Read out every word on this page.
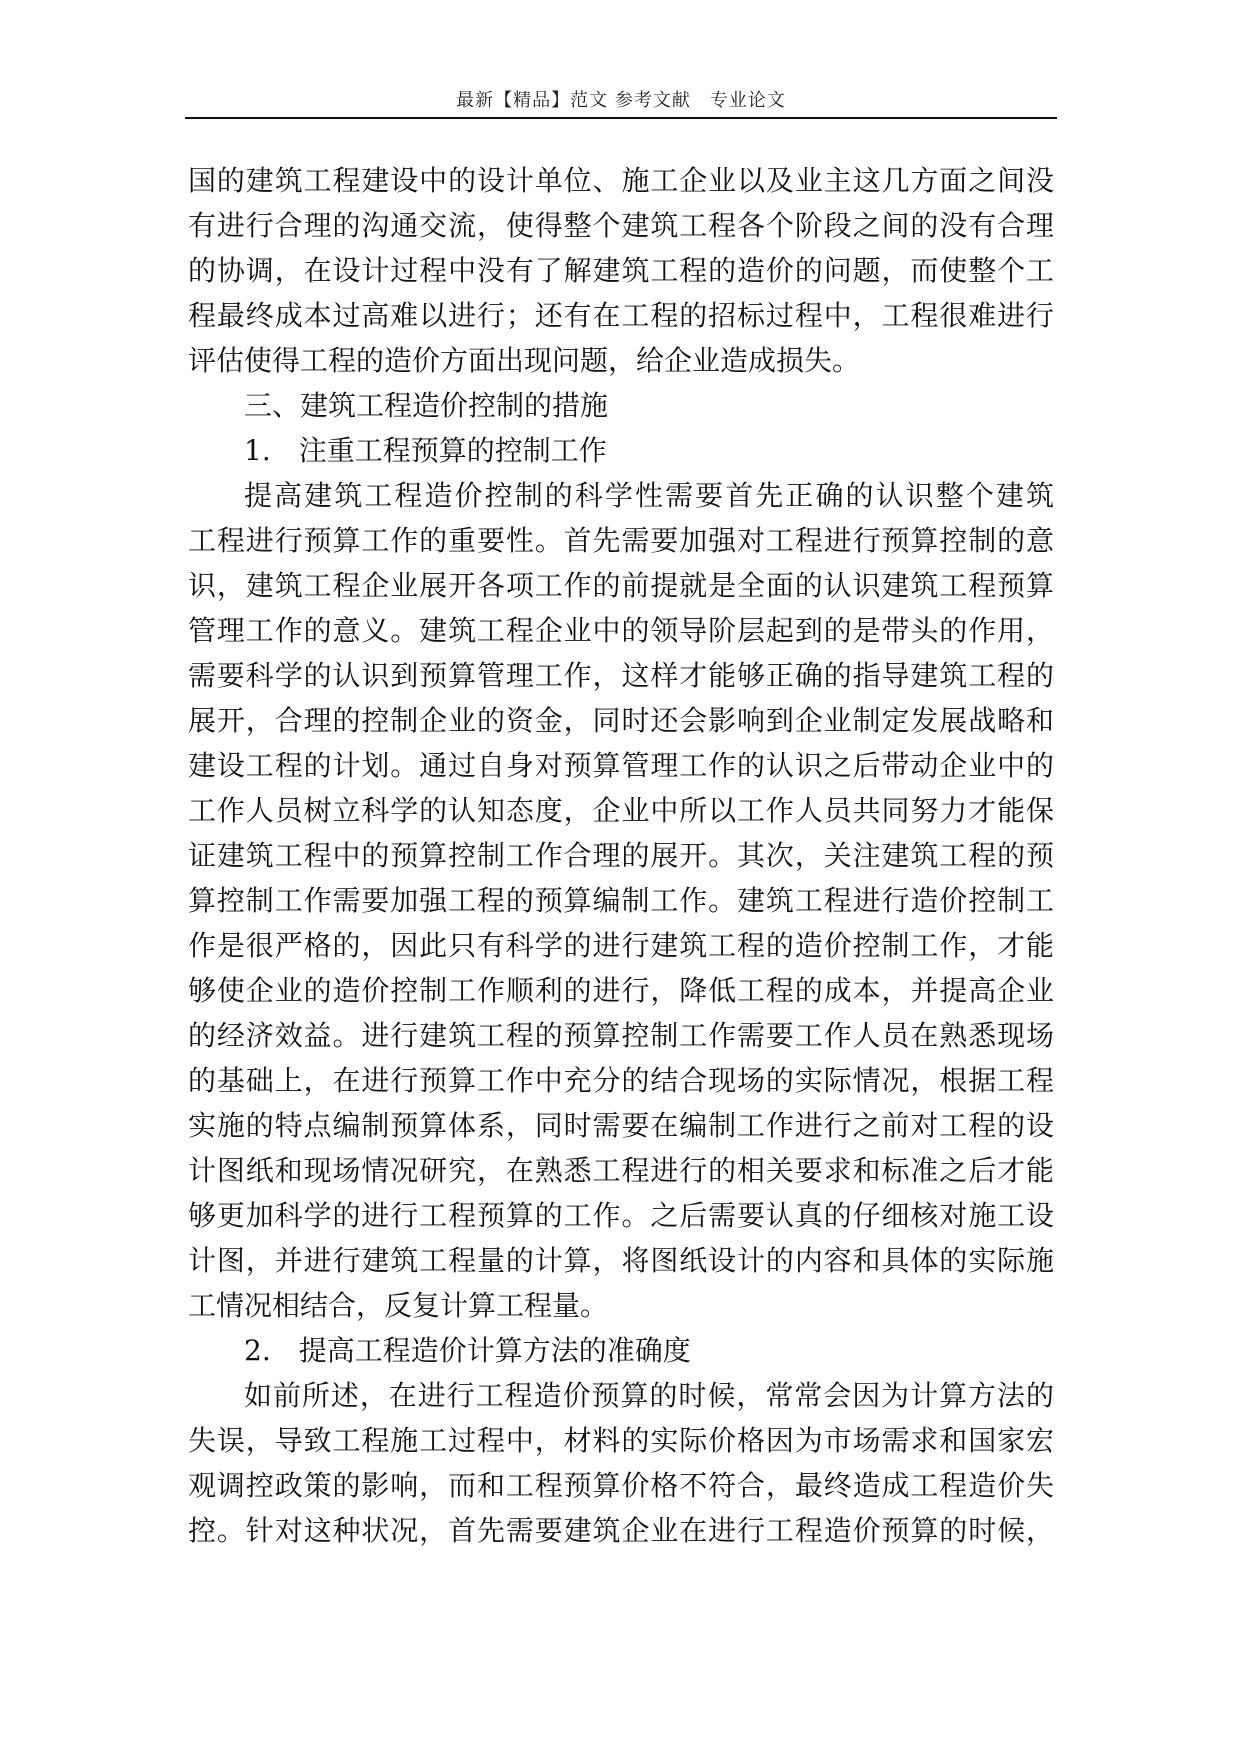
最新【精品】范文 参考文献　专业论文
国的建筑工程建设中的设计单位、施工企业以及业主这几方面之间没
有进行合理的沟通交流，使得整个建筑工程各个阶段之间的没有合理
的协调，在设计过程中没有了解建筑工程的造价的问题，而使整个工
程最终成本过高难以进行；还有在工程的招标过程中，工程很难进行
评估使得工程的造价方面出现问题，给企业造成损失。
三、建筑工程造价控制的措施
1.　注重工程预算的控制工作
提高建筑工程造价控制的科学性需要首先正确的认识整个建筑
工程进行预算工作的重要性。首先需要加强对工程进行预算控制的意
识，建筑工程企业展开各项工作的前提就是全面的认识建筑工程预算
管理工作的意义。建筑工程企业中的领导阶层起到的是带头的作用，
需要科学的认识到预算管理工作，这样才能够正确的指导建筑工程的
展开，合理的控制企业的资金，同时还会影响到企业制定发展战略和
建设工程的计划。通过自身对预算管理工作的认识之后带动企业中的
工作人员树立科学的认知态度，企业中所以工作人员共同努力才能保
证建筑工程中的预算控制工作合理的展开。其次，关注建筑工程的预
算控制工作需要加强工程的预算编制工作。建筑工程进行造价控制工
作是很严格的，因此只有科学的进行建筑工程的造价控制工作，才能
够使企业的造价控制工作顺利的进行，降低工程的成本，并提高企业
的经济效益。进行建筑工程的预算控制工作需要工作人员在熟悉现场
的基础上，在进行预算工作中充分的结合现场的实际情况，根据工程
实施的特点编制预算体系，同时需要在编制工作进行之前对工程的设
计图纸和现场情况研究，在熟悉工程进行的相关要求和标准之后才能
够更加科学的进行工程预算的工作。之后需要认真的仔细核对施工设
计图，并进行建筑工程量的计算，将图纸设计的内容和具体的实际施
工情况相结合，反复计算工程量。
2.　提高工程造价计算方法的准确度
如前所述，在进行工程造价预算的时候，常常会因为计算方法的
失误，导致工程施工过程中，材料的实际价格因为市场需求和国家宏
观调控政策的影响，而和工程预算价格不符合，最终造成工程造价失
控。针对这种状况，首先需要建筑企业在进行工程造价预算的时候，
